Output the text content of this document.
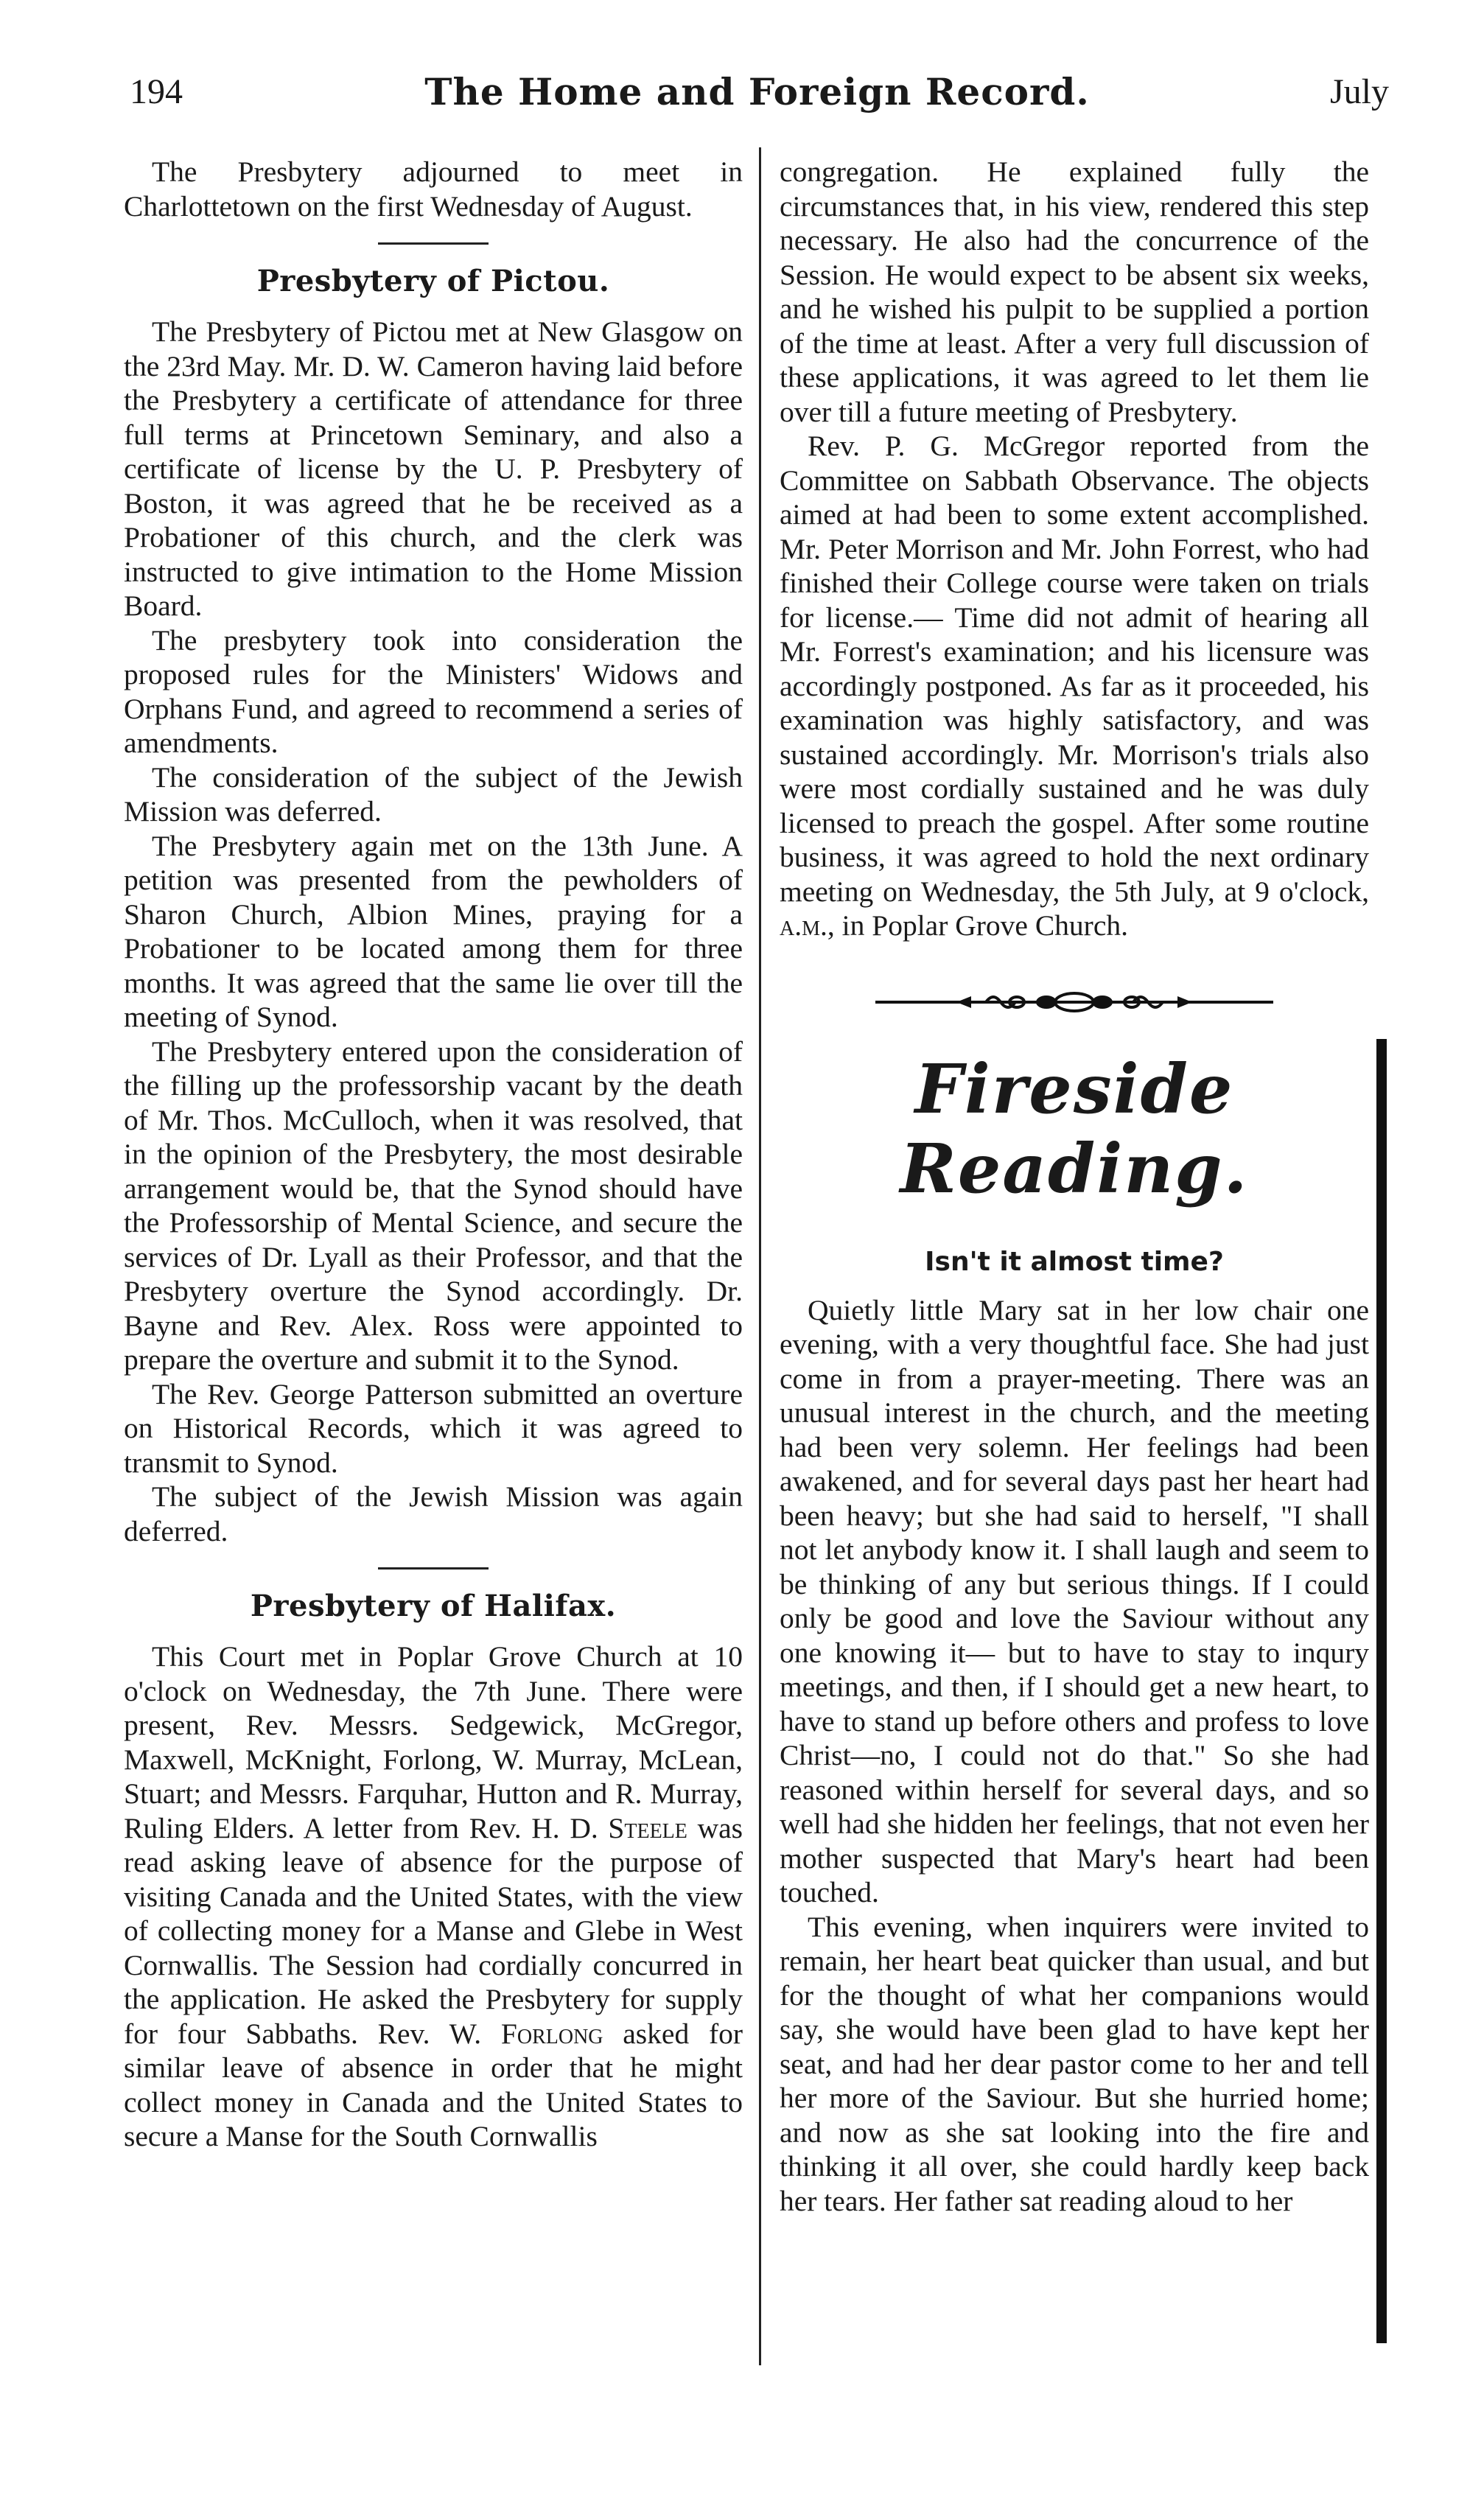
194	The Home and Foreign Record.	July

The Presbytery adjourned to meet in Charlottetown on the first Wednesday of August.

Presbytery of Pictou.

The Presbytery of Pictou met at New Glasgow on the 23rd May. Mr. D. W. Cameron having laid before the Presbytery a certificate of attendance for three full terms at Princetown Seminary, and also a certificate of license by the U. P. Presbytery of Boston, it was agreed that he be received as a Probationer of this church, and the clerk was instructed to give intimation to the Home Mission Board.

The presbytery took into consideration the proposed rules for the Ministers' Widows and Orphans Fund, and agreed to recommend a series of amendments.

The consideration of the subject of the Jewish Mission was deferred.

The Presbytery again met on the 13th June. A petition was presented from the pewholders of Sharon Church, Albion Mines, praying for a Probationer to be located among them for three months. It was agreed that the same lie over till the meeting of Synod.

The Presbytery entered upon the consideration of the filling up the professorship vacant by the death of Mr. Thos. McCulloch, when it was resolved, that in the opinion of the Presbytery, the most desirable arrangement would be, that the Synod should have the Professorship of Mental Science, and secure the services of Dr. Lyall as their Professor, and that the Presbytery overture the Synod accordingly. Dr. Bayne and Rev. Alex. Ross were appointed to prepare the overture and submit it to the Synod.

The Rev. George Patterson submitted an overture on Historical Records, which it was agreed to transmit to Synod.

The subject of the Jewish Mission was again deferred.

Presbytery of Halifax.

This Court met in Poplar Grove Church at 10 o'clock on Wednesday, the 7th June. There were present, Rev. Messrs. Sedgewick, McGregor, Maxwell, McKnight, Forlong, W. Murray, McLean, Stuart; and Messrs. Farquhar, Hutton and R. Murray, Ruling Elders. A letter from Rev. H. D. Steele was read asking leave of absence for the purpose of visiting Canada and the United States, with the view of collecting money for a Manse and Glebe in West Cornwallis. The Session had cordially concurred in the application. He asked the Presbytery for supply for four Sabbaths. Rev. W. Forlong asked for similar leave of absence in order that he might collect money in Canada and the United States to secure a Manse for the South Cornwallis

congregation. He explained fully the circumstances that, in his view, rendered this step necessary. He also had the concurrence of the Session. He would expect to be absent six weeks, and he wished his pulpit to be supplied a portion of the time at least. After a very full discussion of these applications, it was agreed to let them lie over till a future meeting of Presbytery.

Rev. P. G. McGregor reported from the Committee on Sabbath Observance. The objects aimed at had been to some extent accomplished. Mr. Peter Morrison and Mr. John Forrest, who had finished their College course were taken on trials for license.— Time did not admit of hearing all Mr. Forrest's examination; and his licensure was accordingly postponed. As far as it proceeded, his examination was highly satisfactory, and was sustained accordingly. Mr. Morrison's trials also were most cordially sustained and he was duly licensed to preach the gospel. After some routine business, it was agreed to hold the next ordinary meeting on Wednesday, the 5th July, at 9 o'clock, a.m., in Poplar Grove Church.

Fireside Reading.
Isn't it almost time?

Quietly little Mary sat in her low chair one evening, with a very thoughtful face. She had just come in from a prayer-meeting. There was an unusual interest in the church, and the meeting had been very solemn. Her feelings had been awakened, and for several days past her heart had been heavy; but she had said to herself, "I shall not let anybody know it. I shall laugh and seem to be thinking of any but serious things. If I could only be good and love the Saviour without any one knowing it— but to have to stay to inqury meetings, and then, if I should get a new heart, to have to stand up before others and profess to love Christ—no, I could not do that." So she had reasoned within herself for several days, and so well had she hidden her feelings, that not even her mother suspected that Mary's heart had been touched.

This evening, when inquirers were invited to remain, her heart beat quicker than usual, and but for the thought of what her companions would say, she would have been glad to have kept her seat, and had her dear pastor come to her and tell her more of the Saviour. But she hurried home; and now as she sat looking into the fire and thinking it all over, she could hardly keep back her tears. Her father sat reading aloud to her
